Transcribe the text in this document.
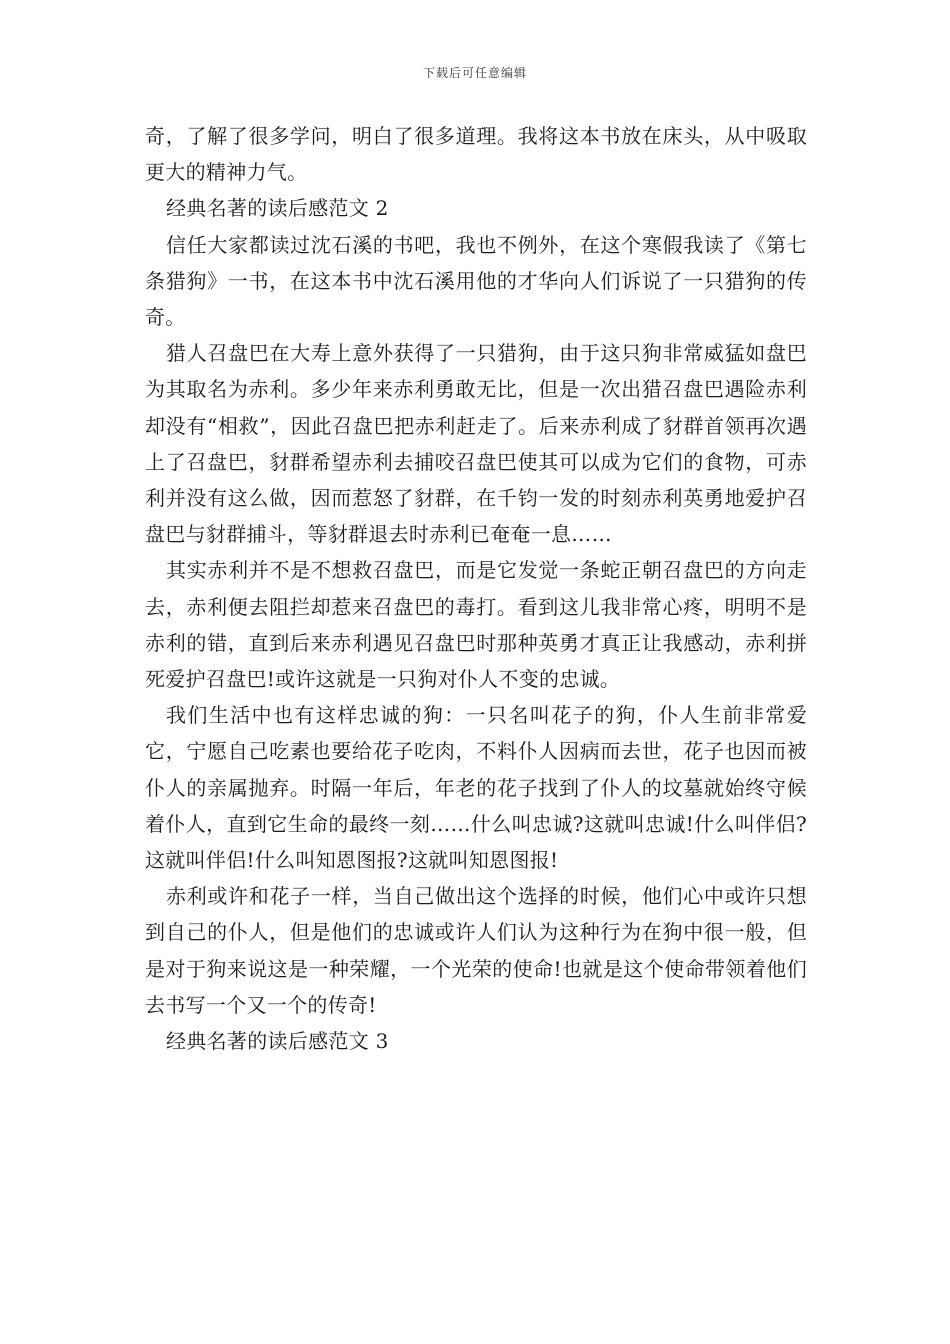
下载后可任意编辑

奇，了解了很多学问，明白了很多道理。我将这本书放在床头，从中吸取更大的精神力气。

经典名著的读后感范文 2

信任大家都读过沈石溪的书吧，我也不例外，在这个寒假我读了《第七条猎狗》一书，在这本书中沈石溪用他的才华向人们诉说了一只猎狗的传奇。

猎人召盘巴在大寿上意外获得了一只猎狗，由于这只狗非常威猛如盘巴为其取名为赤利。多少年来赤利勇敢无比，但是一次出猎召盘巴遇险赤利却没有“相救”，因此召盘巴把赤利赶走了。后来赤利成了豺群首领再次遇上了召盘巴，豺群希望赤利去捕咬召盘巴使其可以成为它们的食物，可赤利并没有这么做，因而惹怒了豺群，在千钧一发的时刻赤利英勇地爱护召盘巴与豺群捕斗，等豺群退去时赤利已奄奄一息……

其实赤利并不是不想救召盘巴，而是它发觉一条蛇正朝召盘巴的方向走去，赤利便去阻拦却惹来召盘巴的毒打。看到这儿我非常心疼，明明不是赤利的错，直到后来赤利遇见召盘巴时那种英勇才真正让我感动，赤利拼死爱护召盘巴!或许这就是一只狗对仆人不变的忠诚。

我们生活中也有这样忠诚的狗：一只名叫花子的狗，仆人生前非常爱它，宁愿自己吃素也要给花子吃肉，不料仆人因病而去世，花子也因而被仆人的亲属抛弃。时隔一年后，年老的花子找到了仆人的坟墓就始终守候着仆人，直到它生命的最终一刻……什么叫忠诚?这就叫忠诚!什么叫伴侣?这就叫伴侣!什么叫知恩图报?这就叫知恩图报!

赤利或许和花子一样，当自己做出这个选择的时候，他们心中或许只想到自己的仆人，但是他们的忠诚或许人们认为这种行为在狗中很一般，但是对于狗来说这是一种荣耀，一个光荣的使命!也就是这个使命带领着他们去书写一个又一个的传奇!

经典名著的读后感范文 3
